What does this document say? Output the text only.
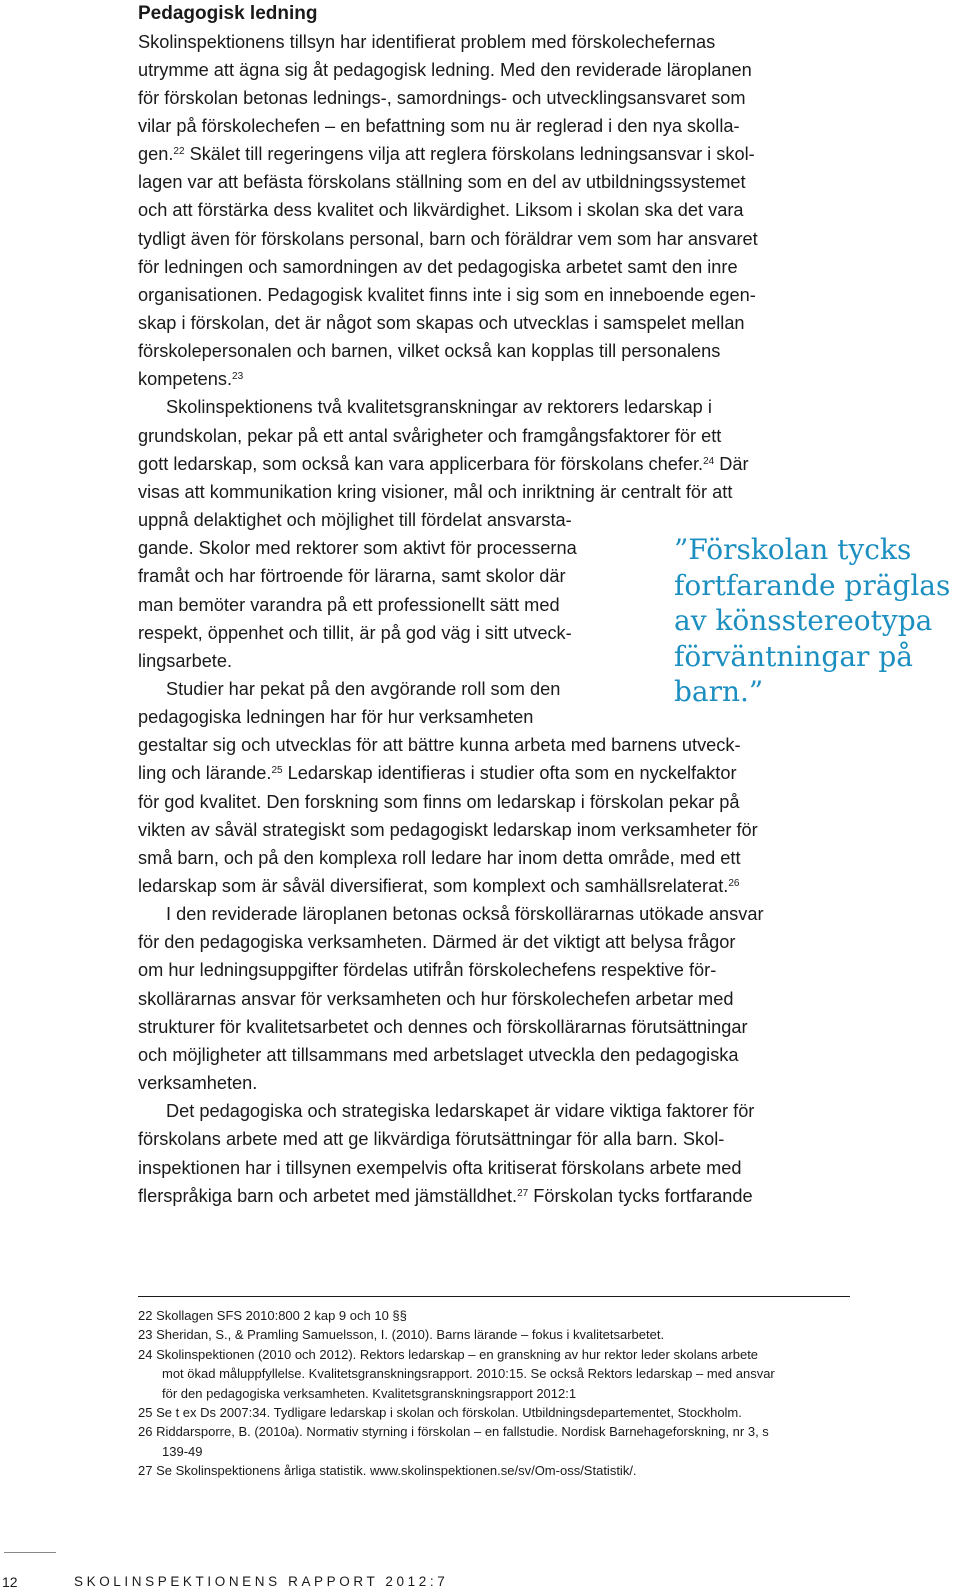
Pedagogisk ledning
Skolinspektionens tillsyn har identifierat problem med förskolechefernas
utrymme att ägna sig åt pedagogisk ledning. Med den reviderade läroplanen
för förskolan betonas lednings-, samordnings- och utvecklingsansvaret som
vilar på förskolechefen – en befattning som nu är reglerad i den nya skolla-
gen.$^{22}$ Skälet till regeringens vilja att reglera förskolans ledningsansvar i skol-
lagen var att befästa förskolans ställning som en del av utbildningssystemet
och att förstärka dess kvalitet och likvärdighet. Liksom i skolan ska det vara
tydligt även för förskolans personal, barn och föräldrar vem som har ansvaret
för ledningen och samordningen av det pedagogiska arbetet samt den inre
organisationen. Pedagogisk kvalitet finns inte i sig som en inneboende egen-
skap i förskolan, det är något som skapas och utvecklas i samspelet mellan
förskolepersonalen och barnen, vilket också kan kopplas till personalens
kompetens.$^{23}$
Skolinspektionens två kvalitetsgranskningar av rektorers ledarskap i
grundskolan, pekar på ett antal svårigheter och framgångsfaktorer för ett
gott ledarskap, som också kan vara applicerbara för förskolans chefer.$^{24}$ Där
visas att kommunikation kring visioner, mål och inriktning är centralt för att
uppnå delaktighet och möjlighet till fördelat ansvarsta-
gande. Skolor med rektorer som aktivt för processerna
framåt och har förtroende för lärarna, samt skolor där
man bemöter varandra på ett professionellt sätt med
respekt, öppenhet och tillit, är på god väg i sitt utveck-
lingsarbete.
Studier har pekat på den avgörande roll som den
pedagogiska ledningen har för hur verksamheten
gestaltar sig och utvecklas för att bättre kunna arbeta med barnens utveck-
ling och lärande.$^{25}$ Ledarskap identifieras i studier ofta som en nyckelfaktor
för god kvalitet. Den forskning som finns om ledarskap i förskolan pekar på
vikten av såväl strategiskt som pedagogiskt ledarskap inom verksamheter för
små barn, och på den komplexa roll ledare har inom detta område, med ett
ledarskap som är såväl diversifierat, som komplext och samhällsrelaterat.$^{26}$
I den reviderade läroplanen betonas också förskollärarnas utökade ansvar
för den pedagogiska verksamheten. Därmed är det viktigt att belysa frågor
om hur ledningsuppgifter fördelas utifrån förskolechefens respektive för-
skollärarnas ansvar för verksamheten och hur förskolechefen arbetar med
strukturer för kvalitetsarbetet och dennes och förskollärarnas förutsättningar
och möjligheter att tillsammans med arbetslaget utveckla den pedagogiska
verksamheten.
Det pedagogiska och strategiska ledarskapet är vidare viktiga faktorer för
förskolans arbete med att ge likvärdiga förutsättningar för alla barn. Skol-
inspektionen har i tillsynen exempelvis ofta kritiserat förskolans arbete med
flerspråkiga barn och arbetet med jämställdhet.$^{27}$ Förskolan tycks fortfarande
”Förskolan tycks
fortfarande präglas
av könsstereotypa
förväntningar på
barn.”
22 Skollagen SFS 2010:800 2 kap 9 och 10 §§
23 Sheridan, S., & Pramling Samuelsson, I. (2010). Barns lärande – fokus i kvalitetsarbetet.
24 Skolinspektionen (2010 och 2012). Rektors ledarskap – en granskning av hur rektor leder skolans arbete
mot ökad måluppfyllelse. Kvalitetsgranskningsrapport. 2010:15. Se också Rektors ledarskap – med ansvar
för den pedagogiska verksamheten. Kvalitetsgranskningsrapport 2012:1
25 Se t ex Ds 2007:34. Tydligare ledarskap i skolan och förskolan. Utbildningsdepartementet, Stockholm.
26 Riddarsporre, B. (2010a). Normativ styrning i förskolan – en fallstudie. Nordisk Barnehageforskning, nr 3, s
139-49
27 Se Skolinspektionens årliga statistik. www.skolinspektionen.se/sv/Om-oss/Statistik/.
12	SKOLINSPEKTIONENS RAPPORT 2012:7
